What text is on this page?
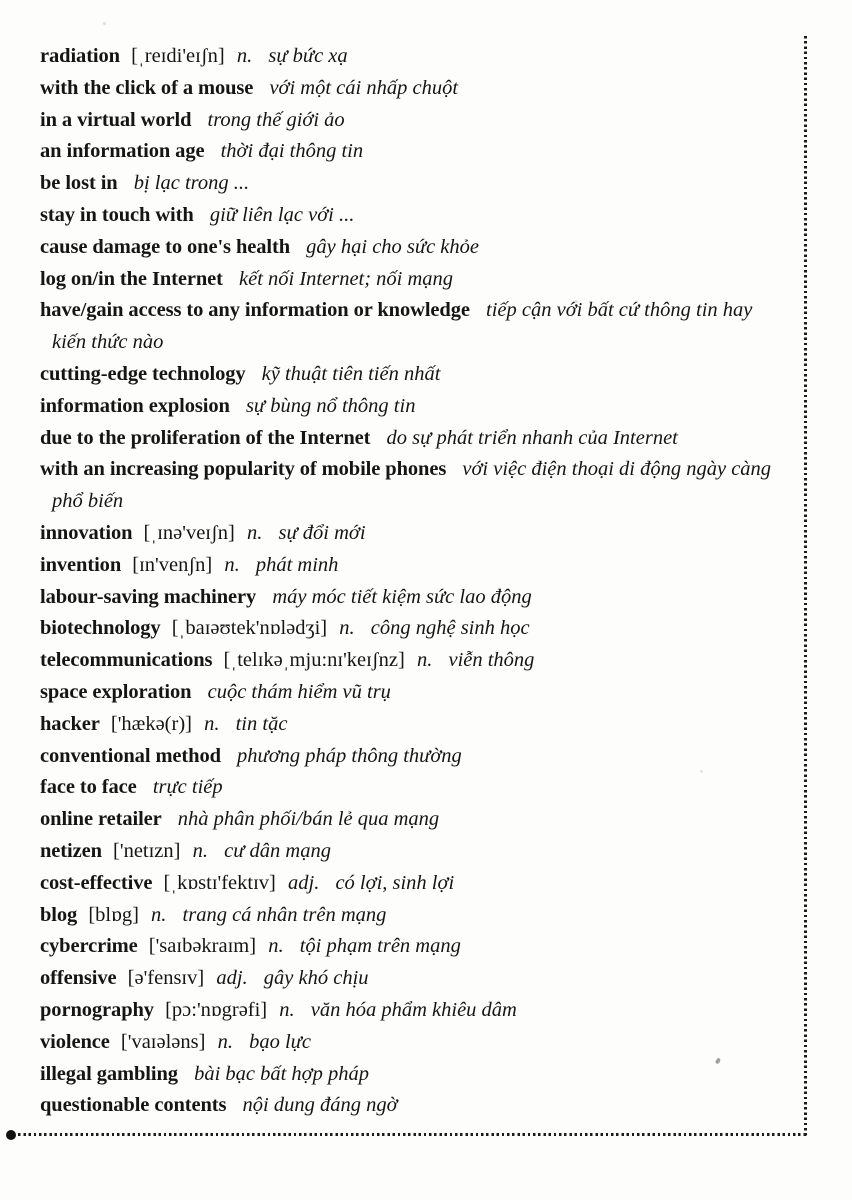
radiation [ˌreɪdi'eɪʃn] n. sự bức xạ
with the click of a mouse với một cái nhấp chuột
in a virtual world trong thế giới ảo
an information age thời đại thông tin
be lost in bị lạc trong ...
stay in touch with giữ liên lạc với ...
cause damage to one's health gây hại cho sức khỏe
log on/in the Internet kết nối Internet; nối mạng
have/gain access to any information or knowledge tiếp cận với bất cứ thông tin hay kiến thức nào
cutting-edge technology kỹ thuật tiên tiến nhất
information explosion sự bùng nổ thông tin
due to the proliferation of the Internet do sự phát triển nhanh của Internet
with an increasing popularity of mobile phones với việc điện thoại di động ngày càng phổ biến
innovation [ˌɪnə'veɪʃn] n. sự đổi mới
invention [ɪn'venʃn] n. phát minh
labour-saving machinery máy móc tiết kiệm sức lao động
biotechnology [ˌbaɪəʊtek'nɒlədʒi] n. công nghệ sinh học
telecommunications [ˌtelɪkəˌmju:nɪ'keɪʃnz] n. viễn thông
space exploration cuộc thám hiểm vũ trụ
hacker ['hækə(r)] n. tin tặc
conventional method phương pháp thông thường
face to face trực tiếp
online retailer nhà phân phối/bán lẻ qua mạng
netizen ['netɪzn] n. cư dân mạng
cost-effective [ˌkɒstɪ'fektɪv] adj. có lợi, sinh lợi
blog [blɒg] n. trang cá nhân trên mạng
cybercrime ['saɪbəkraɪm] n. tội phạm trên mạng
offensive [ə'fensɪv] adj. gây khó chịu
pornography [pɔ:'nɒgrəfi] n. văn hóa phẩm khiêu dâm
violence ['vaɪələns] n. bạo lực
illegal gambling bài bạc bất hợp pháp
questionable contents nội dung đáng ngờ
